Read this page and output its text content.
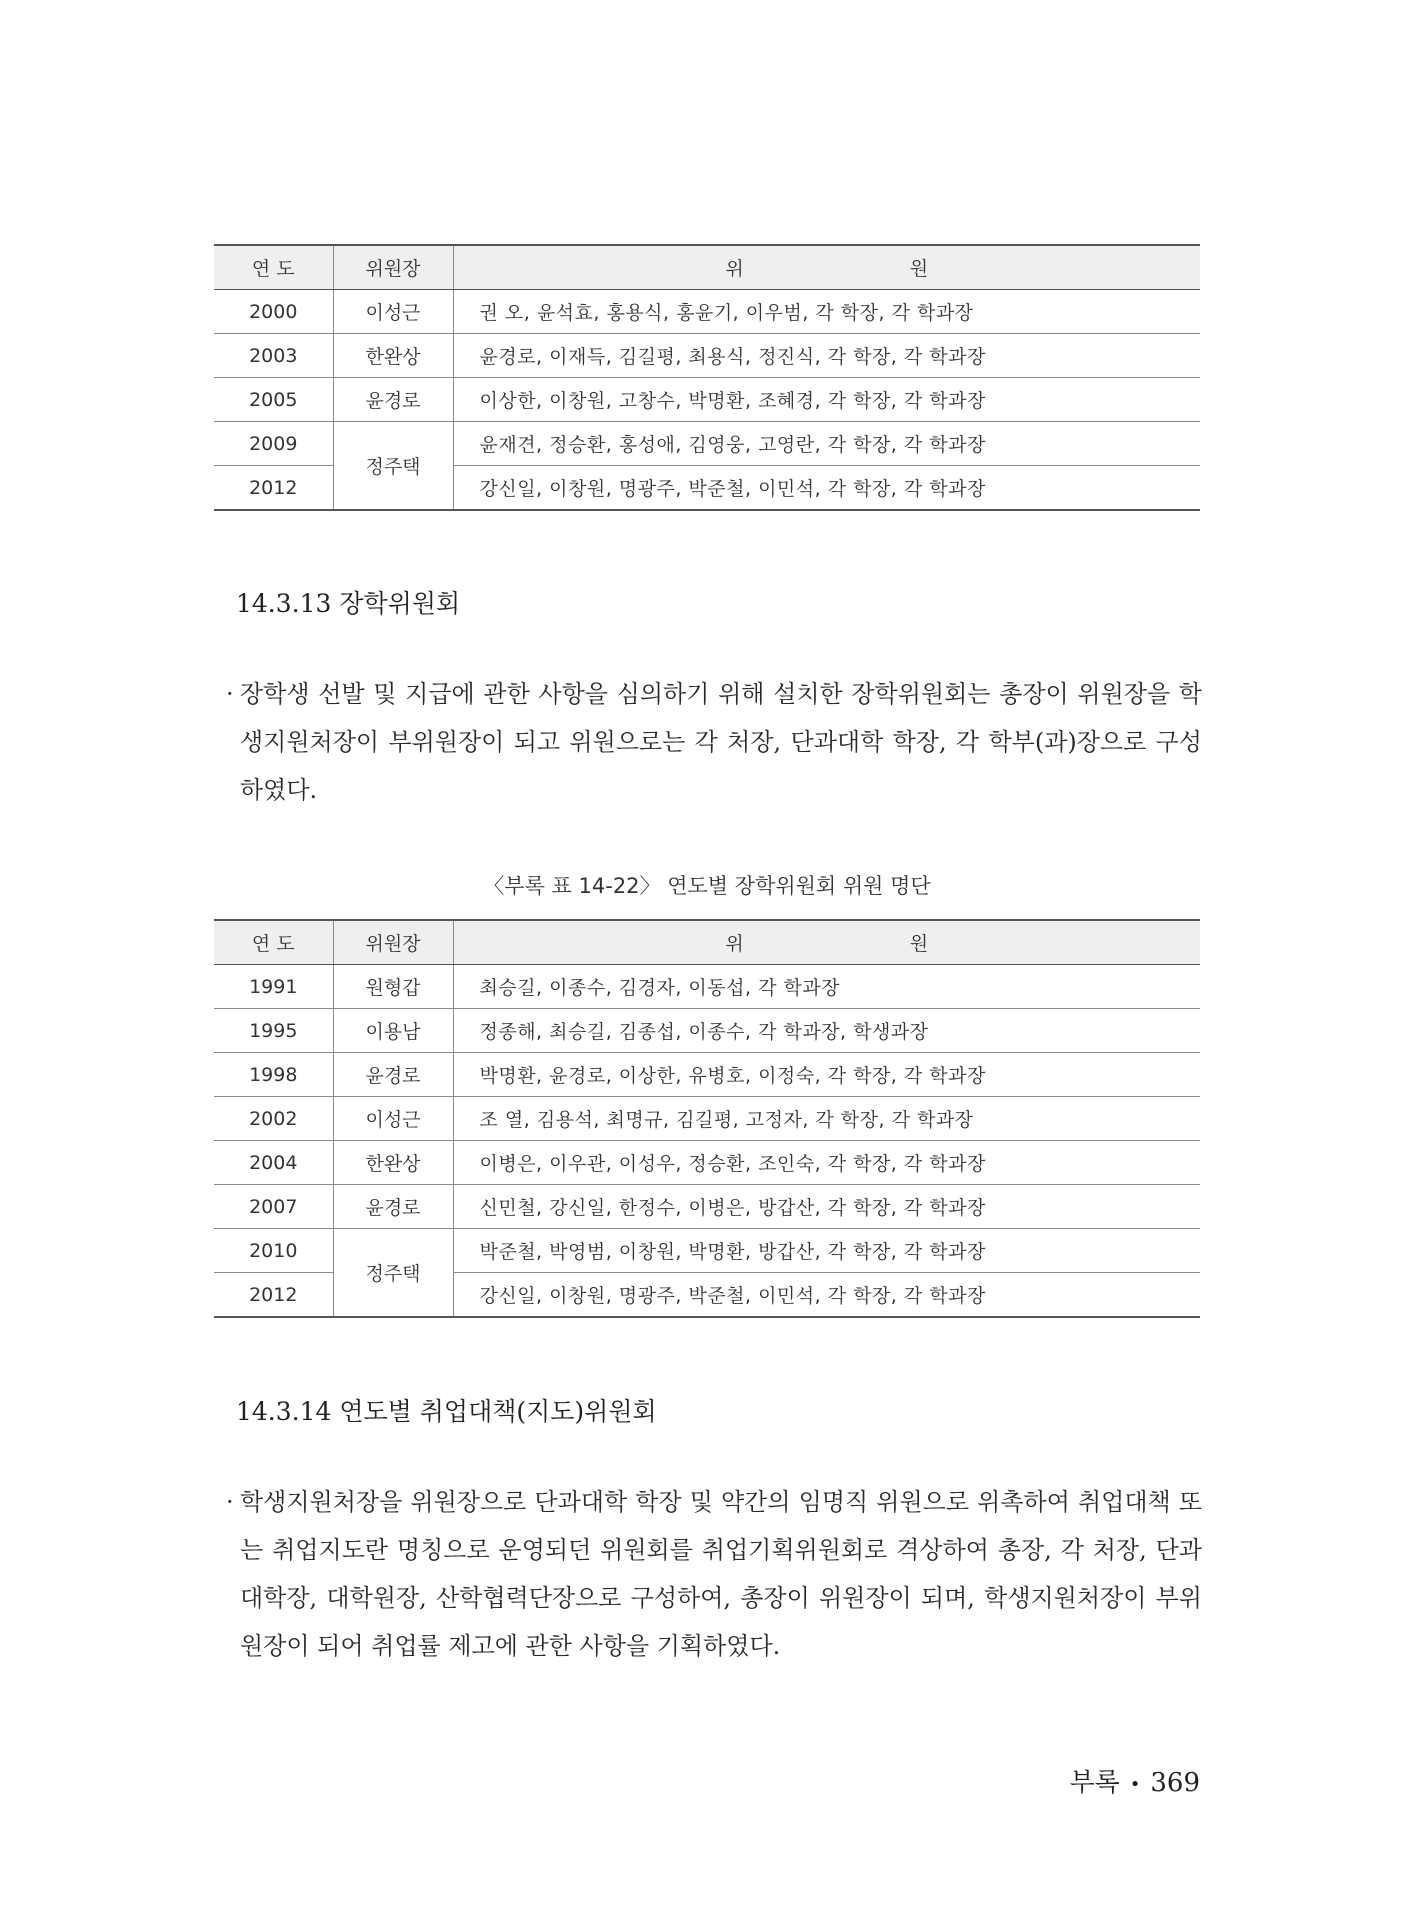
연 도	위원장	위 원
2000	이성근	권 오, 윤석효, 홍용식, 홍윤기, 이우범, 각 학장, 각 학과장
2003	한완상	윤경로, 이재득, 김길평, 최용식, 정진식, 각 학장, 각 학과장
2005	윤경로	이상한, 이창원, 고창수, 박명환, 조혜경, 각 학장, 각 학과장
2009	정주택	윤재견, 정승환, 홍성애, 김영웅, 고영란, 각 학장, 각 학과장
2012		강신일, 이창원, 명광주, 박준철, 이민석, 각 학장, 각 학과장
14.3.13 장학위원회
· 장학생 선발 및 지급에 관한 사항을 심의하기 위해 설치한 장학위원회는 총장이 위원장을 학생지원처장이 부위원장이 되고 위원으로는 각 처장, 단과대학 학장, 각 학부(과)장으로 구성하였다.
〈부록 표 14-22〉 연도별 장학위원회 위원 명단
연 도	위원장	위 원
1991	원형갑	최승길, 이종수, 김경자, 이동섭, 각 학과장
1995	이용남	정종해, 최승길, 김종섭, 이종수, 각 학과장, 학생과장
1998	윤경로	박명환, 윤경로, 이상한, 유병호, 이정숙, 각 학장, 각 학과장
2002	이성근	조 열, 김용석, 최명규, 김길평, 고정자, 각 학장, 각 학과장
2004	한완상	이병은, 이우관, 이성우, 정승환, 조인숙, 각 학장, 각 학과장
2007	윤경로	신민철, 강신일, 한정수, 이병은, 방갑산, 각 학장, 각 학과장
2010	정주택	박준철, 박영범, 이창원, 박명환, 방갑산, 각 학장, 각 학과장
2012		강신일, 이창원, 명광주, 박준철, 이민석, 각 학장, 각 학과장
14.3.14 연도별 취업대책(지도)위원회
· 학생지원처장을 위원장으로 단과대학 학장 및 약간의 임명직 위원으로 위촉하여 취업대책 또는 취업지도란 명칭으로 운영되던 위원회를 취업기획위원회로 격상하여 총장, 각 처장, 단과대학장, 대학원장, 산학협력단장으로 구성하여, 총장이 위원장이 되며, 학생지원처장이 부위원장이 되어 취업률 제고에 관한 사항을 기획하였다.
부록 • 369
